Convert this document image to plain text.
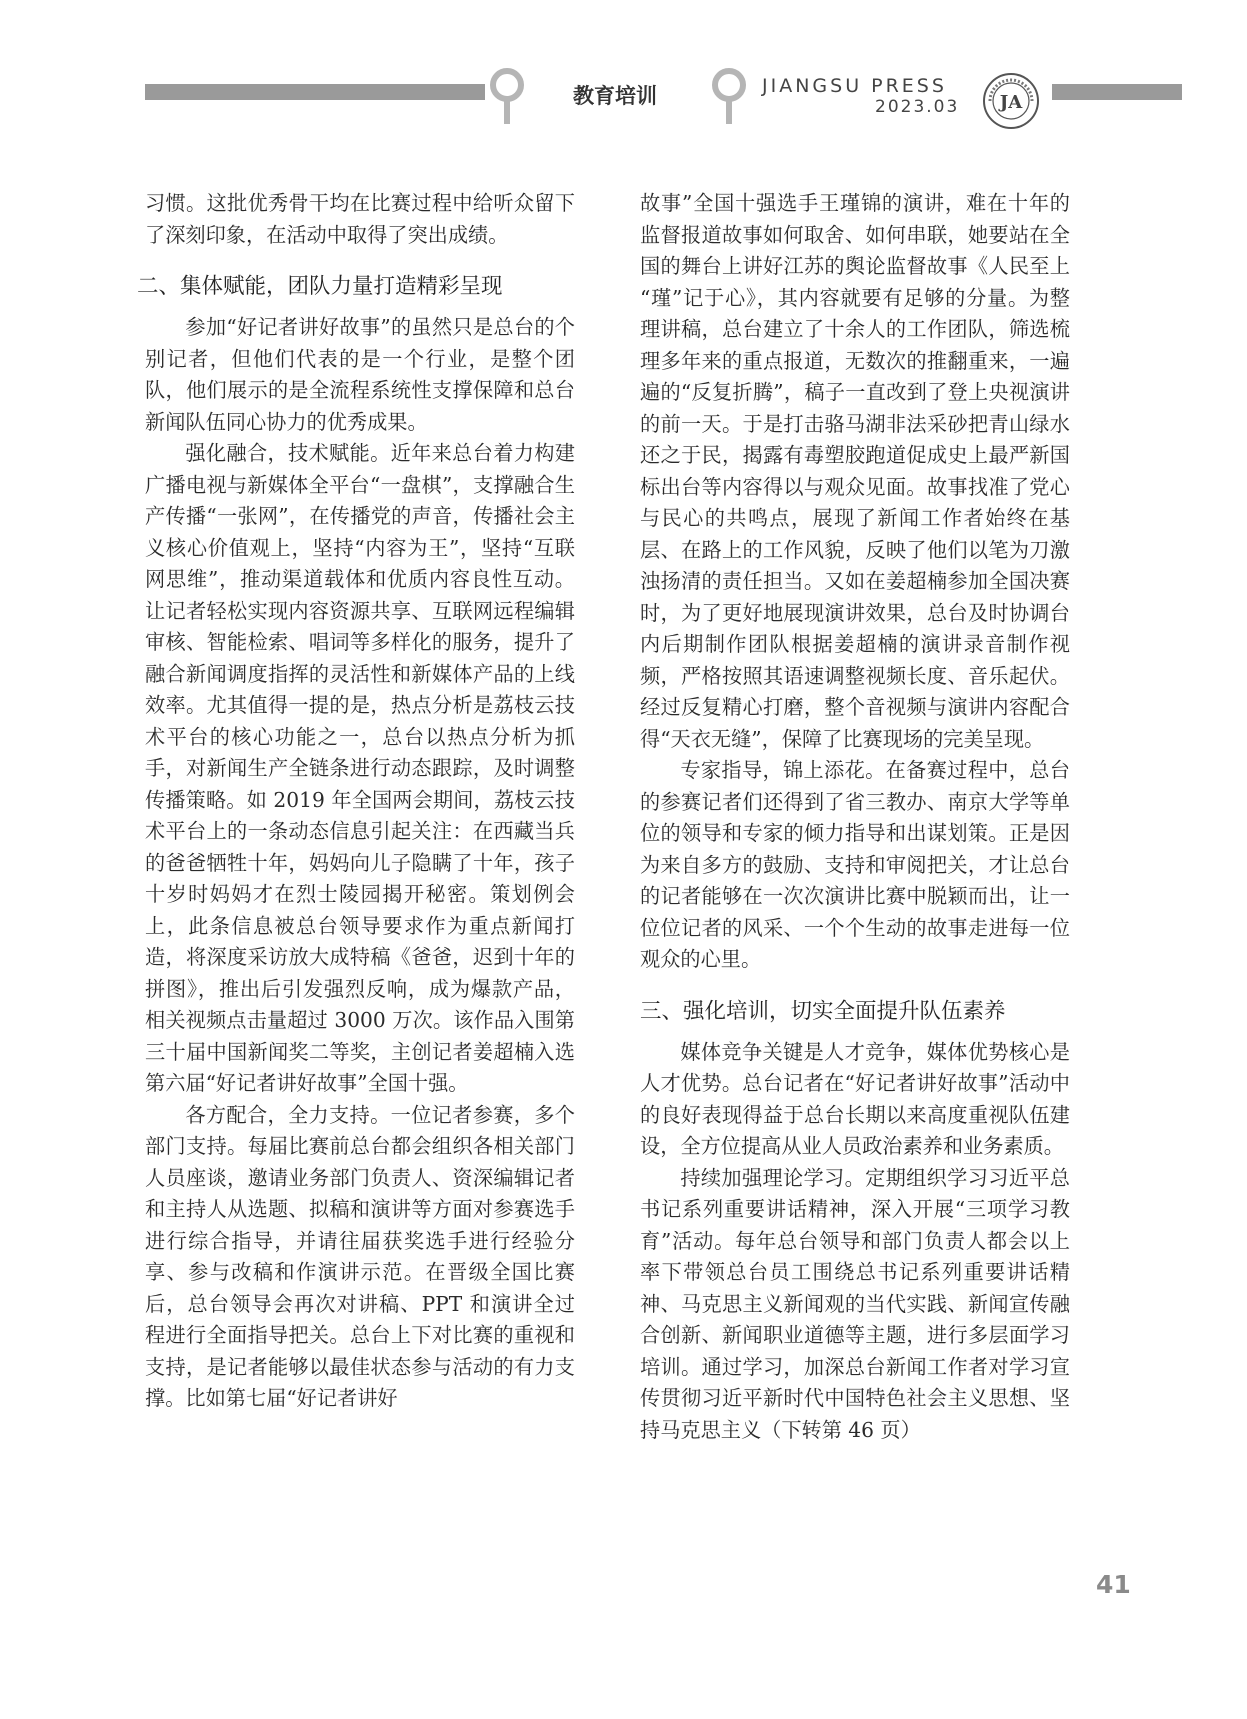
教育培训	JIANGSU PRESS
2023.03 JA

习惯。这批优秀骨干均在比赛过程中给听众留下了深刻印象，在活动中取得了突出成绩。

二、集体赋能，团队力量打造精彩呈现

参加“好记者讲好故事”的虽然只是总台的个别记者，但他们代表的是一个行业，是整个团队，他们展示的是全流程系统性支撑保障和总台新闻队伍同心协力的优秀成果。

强化融合，技术赋能。近年来总台着力构建广播电视与新媒体全平台“一盘棋”，支撑融合生产传播“一张网”，在传播党的声音，传播社会主义核心价值观上，坚持“内容为王”，坚持“互联网思维”，推动渠道载体和优质内容良性互动。让记者轻松实现内容资源共享、互联网远程编辑审核、智能检索、唱词等多样化的服务，提升了融合新闻调度指挥的灵活性和新媒体产品的上线效率。尤其值得一提的是，热点分析是荔枝云技术平台的核心功能之一，总台以热点分析为抓手，对新闻生产全链条进行动态跟踪，及时调整传播策略。如 2019 年全国两会期间，荔枝云技术平台上的一条动态信息引起关注：在西藏当兵的爸爸牺牲十年，妈妈向儿子隐瞒了十年，孩子十岁时妈妈才在烈士陵园揭开秘密。策划例会上，此条信息被总台领导要求作为重点新闻打造，将深度采访放大成特稿《爸爸，迟到十年的拼图》，推出后引发强烈反响，成为爆款产品，相关视频点击量超过 3000 万次。该作品入围第三十届中国新闻奖二等奖，主创记者姜超楠入选第六届“好记者讲好故事”全国十强。

各方配合，全力支持。一位记者参赛，多个部门支持。每届比赛前总台都会组织各相关部门人员座谈，邀请业务部门负责人、资深编辑记者和主持人从选题、拟稿和演讲等方面对参赛选手进行综合指导，并请往届获奖选手进行经验分享、参与改稿和作演讲示范。在晋级全国比赛后，总台领导会再次对讲稿、PPT 和演讲全过程进行全面指导把关。总台上下对比赛的重视和支持，是记者能够以最佳状态参与活动的有力支撑。比如第七届“好记者讲好

故事”全国十强选手王瑾锦的演讲，难在十年的监督报道故事如何取舍、如何串联，她要站在全国的舞台上讲好江苏的舆论监督故事《人民至上 “瑾”记于心》，其内容就要有足够的分量。为整理讲稿，总台建立了十余人的工作团队，筛选梳理多年来的重点报道，无数次的推翻重来，一遍遍的“反复折腾”，稿子一直改到了登上央视演讲的前一天。于是打击骆马湖非法采砂把青山绿水还之于民，揭露有毒塑胶跑道促成史上最严新国标出台等内容得以与观众见面。故事找准了党心与民心的共鸣点，展现了新闻工作者始终在基层、在路上的工作风貌，反映了他们以笔为刀激浊扬清的责任担当。又如在姜超楠参加全国决赛时，为了更好地展现演讲效果，总台及时协调台内后期制作团队根据姜超楠的演讲录音制作视频，严格按照其语速调整视频长度、音乐起伏。经过反复精心打磨，整个音视频与演讲内容配合得“天衣无缝”，保障了比赛现场的完美呈现。

专家指导，锦上添花。在备赛过程中，总台的参赛记者们还得到了省三教办、南京大学等单位的领导和专家的倾力指导和出谋划策。正是因为来自多方的鼓励、支持和审阅把关，才让总台的记者能够在一次次演讲比赛中脱颖而出，让一位位记者的风采、一个个生动的故事走进每一位观众的心里。

三、强化培训，切实全面提升队伍素养

媒体竞争关键是人才竞争，媒体优势核心是人才优势。总台记者在“好记者讲好故事”活动中的良好表现得益于总台长期以来高度重视队伍建设，全方位提高从业人员政治素养和业务素质。

持续加强理论学习。定期组织学习习近平总书记系列重要讲话精神，深入开展“三项学习教育”活动。每年总台领导和部门负责人都会以上率下带领总台员工围绕总书记系列重要讲话精神、马克思主义新闻观的当代实践、新闻宣传融合创新、新闻职业道德等主题，进行多层面学习培训。通过学习，加深总台新闻工作者对学习宣传贯彻习近平新时代中国特色社会主义思想、坚持马克思主义（下转第 46 页）

41
